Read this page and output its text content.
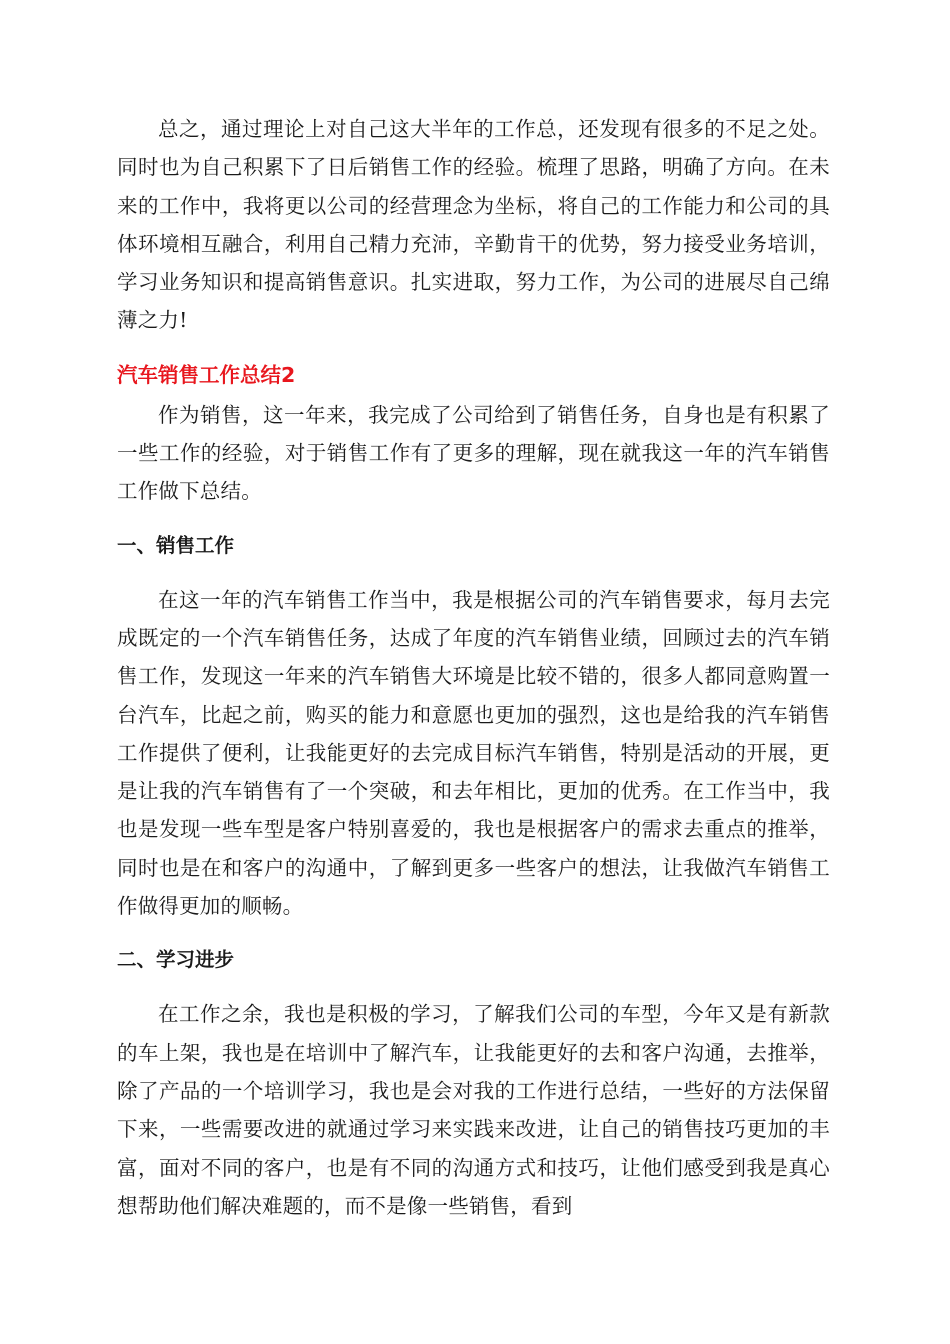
总之，通过理论上对自己这大半年的工作总，还发现有很多的不足之处。同时也为自己积累下了日后销售工作的经验。梳理了思路，明确了方向。在未来的工作中，我将更以公司的经营理念为坐标，将自己的工作能力和公司的具体环境相互融合，利用自己精力充沛，辛勤肯干的优势，努力接受业务培训，学习业务知识和提高销售意识。扎实进取，努力工作，为公司的进展尽自己绵薄之力!

汽车销售工作总结2

作为销售，这一年来，我完成了公司给到了销售任务，自身也是有积累了一些工作的经验，对于销售工作有了更多的理解，现在就我这一年的汽车销售工作做下总结。

一、销售工作

在这一年的汽车销售工作当中，我是根据公司的汽车销售要求，每月去完成既定的一个汽车销售任务，达成了年度的汽车销售业绩，回顾过去的汽车销售工作，发现这一年来的汽车销售大环境是比较不错的，很多人都同意购置一台汽车，比起之前，购买的能力和意愿也更加的强烈，这也是给我的汽车销售工作提供了便利，让我能更好的去完成目标汽车销售，特别是活动的开展，更是让我的汽车销售有了一个突破，和去年相比，更加的优秀。在工作当中，我也是发现一些车型是客户特别喜爱的，我也是根据客户的需求去重点的推举，同时也是在和客户的沟通中，了解到更多一些客户的想法，让我做汽车销售工作做得更加的顺畅。

二、学习进步

在工作之余，我也是积极的学习，了解我们公司的车型，今年又是有新款的车上架，我也是在培训中了解汽车，让我能更好的去和客户沟通，去推举，除了产品的一个培训学习，我也是会对我的工作进行总结，一些好的方法保留下来，一些需要改进的就通过学习来实践来改进，让自己的销售技巧更加的丰富，面对不同的客户，也是有不同的沟通方式和技巧，让他们感受到我是真心想帮助他们解决难题的，而不是像一些销售，看到
